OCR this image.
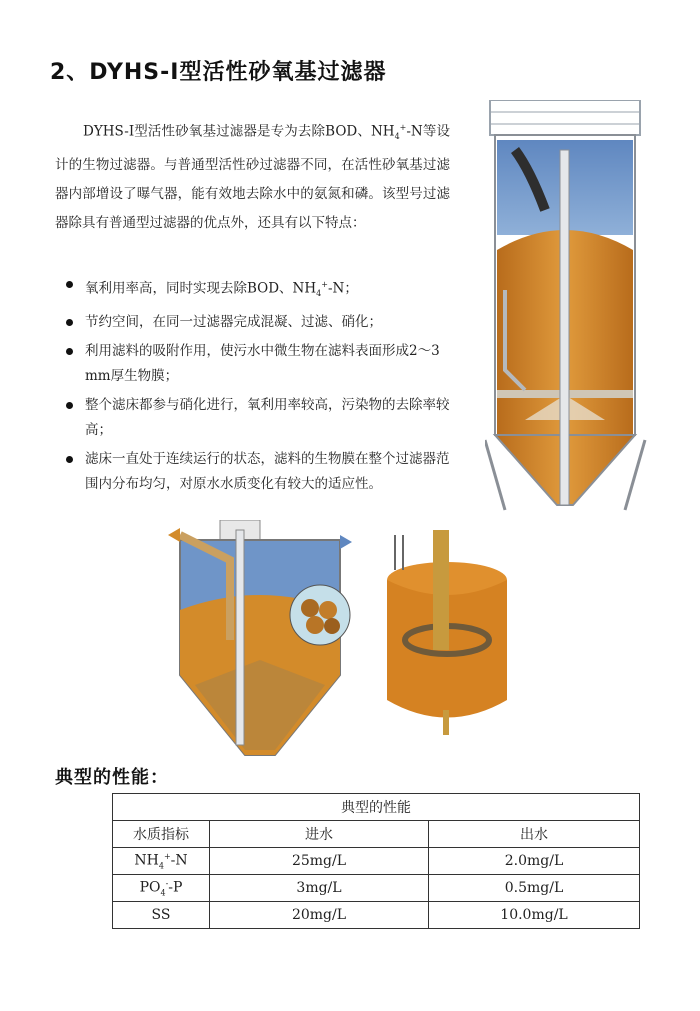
2、DYHS-I型活性砂氧基过滤器
DYHS-I型活性砂氧基过滤器是专为去除BOD、$NH_4^+-N$等设计的生物过滤器。与普通型活性砂过滤器不同，在活性砂氧基过滤器内部增设了曝气器，能有效地去除水中的氨氮和磷。该型号过滤器除具有普通型过滤器的优点外，还具有以下特点：
氧利用率高，同时实现去除BOD、$NH_4^+-N$；
节约空间，在同一过滤器完成混凝、过滤、硝化；
利用滤料的吸附作用，使污水中微生物在滤料表面形成2～3 mm厚生物膜；
整个滤床都参与硝化进行，氧利用率较高，污染物的去除率较高；
滤床一直处于连续运行的状态，滤料的生物膜在整个过滤器范围内分布均匀，对原水水质变化有较大的适应性。
典型的性能：
典型的性能		
水质指标	进水	出水
$NH_4^+-N$	25mg/L	2.0mg/L
$PO_4^--P$	3mg/L	0.5mg/L
SS	20mg/L	10.0mg/L
